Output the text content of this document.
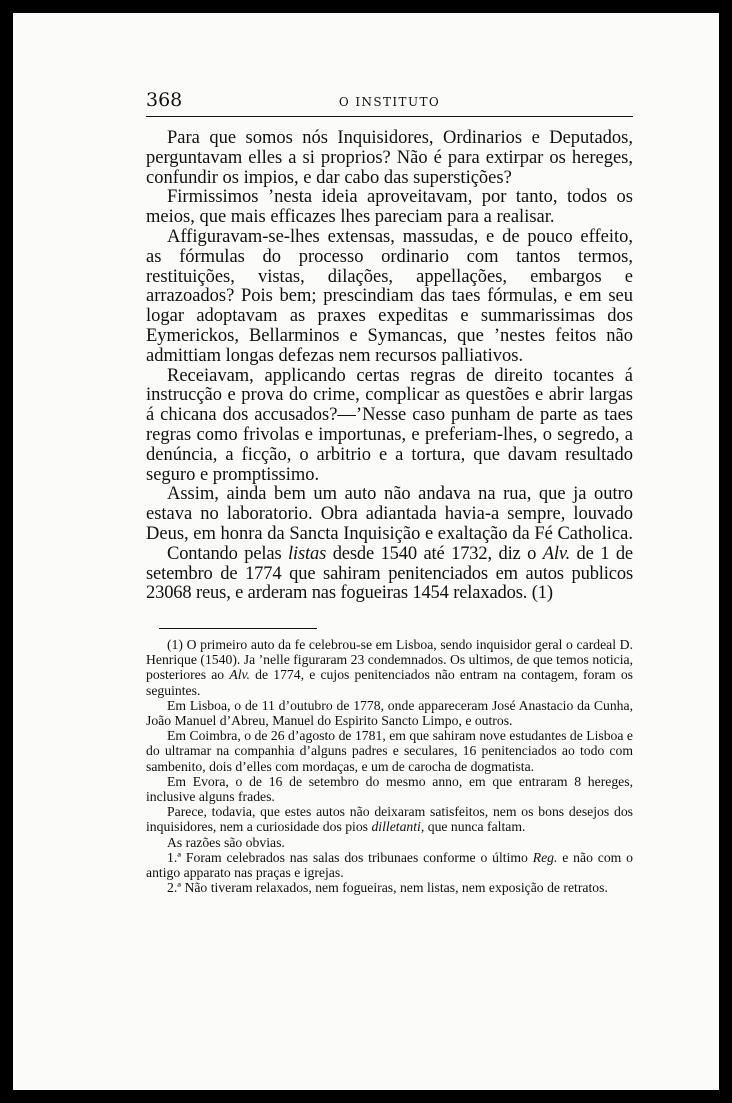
368	O INSTITUTO

Para que somos nós Inquisidores, Ordinarios e Deputados, perguntavam elles a si proprios? Não é para extirpar os hereges, confundir os impios, e dar cabo das superstições?

Firmissimos ’nesta ideia aproveitavam, por tanto, todos os meios, que mais efficazes lhes pareciam para a realisar.

Affiguravam-se-lhes extensas, massudas, e de pouco effeito, as fórmulas do processo ordinario com tantos termos, restituições, vistas, dilações, appellações, embargos e arrazoados? Pois bem; prescindiam das taes fórmulas, e em seu logar adoptavam as praxes expeditas e summarissimas dos Eymerickos, Bellarminos e Symancas, que ’nestes feitos não admittiam longas defezas nem recursos palliativos.

Receiavam, applicando certas regras de direito tocantes á instrucção e prova do crime, complicar as questões e abrir largas á chicana dos accusados?—’Nesse caso punham de parte as taes regras como frivolas e importunas, e preferiam-lhes, o segredo, a denúncia, a ficção, o arbitrio e a tortura, que davam resultado seguro e promptissimo.

Assim, ainda bem um auto não andava na rua, que ja outro estava no laboratorio. Obra adiantada havia-a sempre, louvado Deus, em honra da Sancta Inquisição e exaltação da Fé Catholica.

Contando pelas listas desde 1540 até 1732, diz o Alv. de 1 de setembro de 1774 que sahiram penitenciados em autos publicos 23068 reus, e arderam nas fogueiras 1454 relaxados. (1)

(1) O primeiro auto da fe celebrou-se em Lisboa, sendo inquisidor geral o cardeal D. Henrique (1540). Ja ’nelle figuraram 23 condemnados. Os ultimos, de que temos noticia, posteriores ao Alv. de 1774, e cujos penitenciados não entram na contagem, foram os seguintes.

Em Lisboa, o de 11 d’outubro de 1778, onde appareceram José Anastacio da Cunha, João Manuel d’Abreu, Manuel do Espirito Sancto Limpo, e outros.

Em Coimbra, o de 26 d’agosto de 1781, em que sahiram nove estudantes de Lisboa e do ultramar na companhia d’alguns padres e seculares, 16 penitenciados ao todo com sambenito, dois d’elles com mordaças, e um de carocha de dogmatista.

Em Evora, o de 16 de setembro do mesmo anno, em que entraram 8 hereges, inclusive alguns frades.

Parece, todavia, que estes autos não deixaram satisfeitos, nem os bons desejos dos inquisidores, nem a curiosidade dos pios dilletanti, que nunca faltam.

As razões são obvias.

1.ª Foram celebrados nas salas dos tribunaes conforme o último Reg. e não com o antigo apparato nas praças e igrejas.

2.ª Não tiveram relaxados, nem fogueiras, nem listas, nem exposição de retratos.
